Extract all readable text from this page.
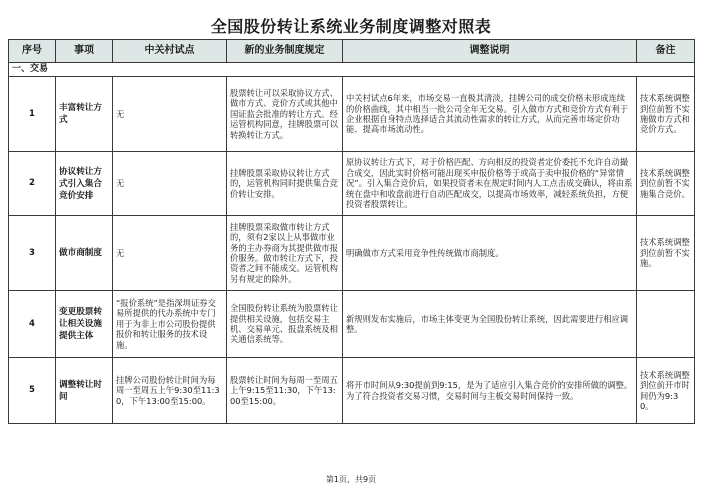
全国股份转让系统业务制度调整对照表
序号	事项	中关村试点	新的业务制度规定	调整说明	备注
一、交易					
1	丰富转让方式	无	股票转让可以采取协议方式、做市方式、竞价方式或其他中国证监会批准的转让方式。经运管机构同意，挂牌股票可以转换转让方式。	中关村试点6年来，市场交易一直极其清淡，挂牌公司的成交价格未形成连续的价格曲线，其中相当一批公司全年无交易。引入做市方式和竞价方式有利于企业根据自身特点选择适合其流动性需求的转让方式，从而完善市场定价功能、提高市场流动性。	技术系统调整到位前暂不实施做市方式和竞价方式。
2	协议转让方式引入集合竞价安排	无	挂牌股票采取协议转让方式的，运管机构同时提供集合竞价转让安排。	原协议转让方式下，对于价格匹配、方向相反的投资者定价委托不允许自动撮合成交，因此实时价格可能出现买申报价格等于或高于卖申报价格的“异常情况”。引入集合竞价后，如果投资者未在规定时间内人工点击成交确认，将由系统在盘中和收盘前进行自动匹配成交，以提高市场效率，减轻系统负担，方便投资者股票转让。	技术系统调整到位前暂不实施集合竞价。
3	做市商制度	无	挂牌股票采取做市转让方式的，须有2家以上从事做市业务的主办券商为其提供做市报价服务。做市转让方式下，投资者之间不能成交。运管机构另有规定的除外。	明确做市方式采用竞争性传统做市商制度。	技术系统调整到位前暂不实施。
4	变更股票转让相关设施提供主体	“报价系统”是指深圳证券交易所提供的代办系统中专门用于为非上市公司股份提供报价和转让服务的技术设施。	全国股份转让系统为股票转让提供相关设施，包括交易主机、交易单元、报盘系统及相关通信系统等。	新规则发布实施后，市场主体变更为全国股份转让系统，因此需要进行相应调整。	
5	调整转让时间	挂牌公司股份转让时间为每周一至周五上午9:30至11:30，下午13:00至15:00。	股票转让时间为每周一至周五上午9:15至11:30，下午13:00至15:00。	将开市时间从9:30提前到9:15，是为了适应引入集合竞价的安排所做的调整。为了符合投资者交易习惯，交易时间与主板交易时间保持一致。	技术系统调整到位前开市时间仍为9:30。
第1页，共9页
